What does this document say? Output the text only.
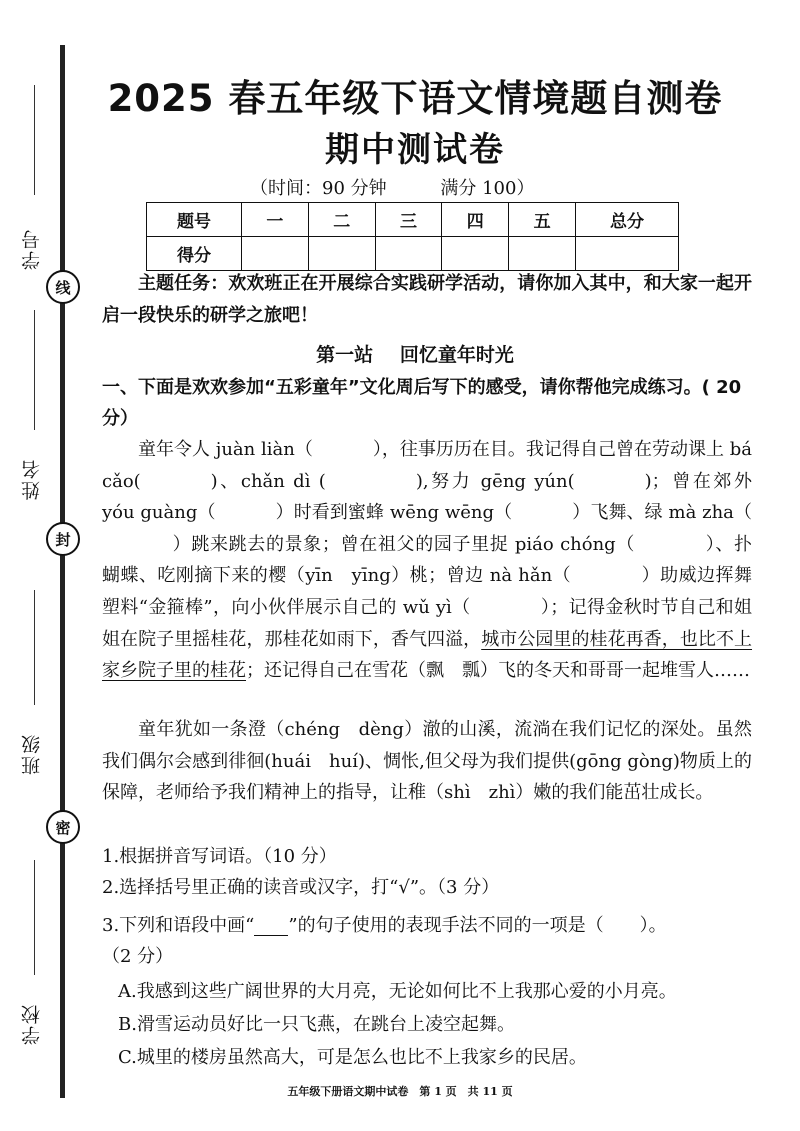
学号
姓名
班级
学校
线
封
密
2025 春五年级下语文情境题自测卷
期中测试卷
（时间：90 分钟	满分 100）
题号	一	二	三	四	五	总分
得分						
主题任务：欢欢班正在开展综合实践研学活动，请你加入其中，和大家一起开启一段快乐的研学之旅吧！
第一站 回忆童年时光
一、下面是欢欢参加“五彩童年”文化周后写下的感受，请你帮他完成练习。( 20 分）
童年令人 juàn liàn（	），往事历历在目。我记得自己曾在劳动课上 bá cǎo(	)、chǎn dì (	),努力 gēng yún(	)；曾在郊外 yóu guàng（	）时看到蜜蜂 wēng wēng（	）飞舞、绿 mà zha（）跳来跳去的景象；曾在祖父的园子里捉 piáo chóng（	）、扑蝴蝶、吃刚摘下来的樱（yīn　yīng）桃；曾边 nà hǎn（	）助威边挥舞塑料“金箍棒”，向小伙伴展示自己的 wǔ yì（	）；记得金秋时节自己和姐姐在院子里摇桂花，那桂花如雨下，香气四溢，城市公园里的桂花再香，也比不上家乡院子里的桂花；还记得自己在雪花（飘　瓢）飞的冬天和哥哥一起堆雪人……
童年犹如一条澄（chéng　dèng）澈的山溪，流淌在我们记忆的深处。虽然我们偶尔会感到徘徊(huái　huí)、惆怅,但父母为我们提供(gōng gòng)物质上的保障，老师给予我们精神上的指导，让稚（shì　zhì）嫩的我们能茁壮成长。
1.根据拼音写词语。（10 分）
2.选择括号里正确的读音或汉字，打“√”。（3 分）
3.下列和语段中画“ ”的句子使用的表现手法不同的一项是（　　）。
（2 分）
A.我感到这些广阔世界的大月亮，无论如何比不上我那心爱的小月亮。
B.滑雪运动员好比一只飞燕，在跳台上凌空起舞。
C.城里的楼房虽然高大，可是怎么也比不上我家乡的民居。
五年级下册语文期中试卷　第 1 页　共 11 页
